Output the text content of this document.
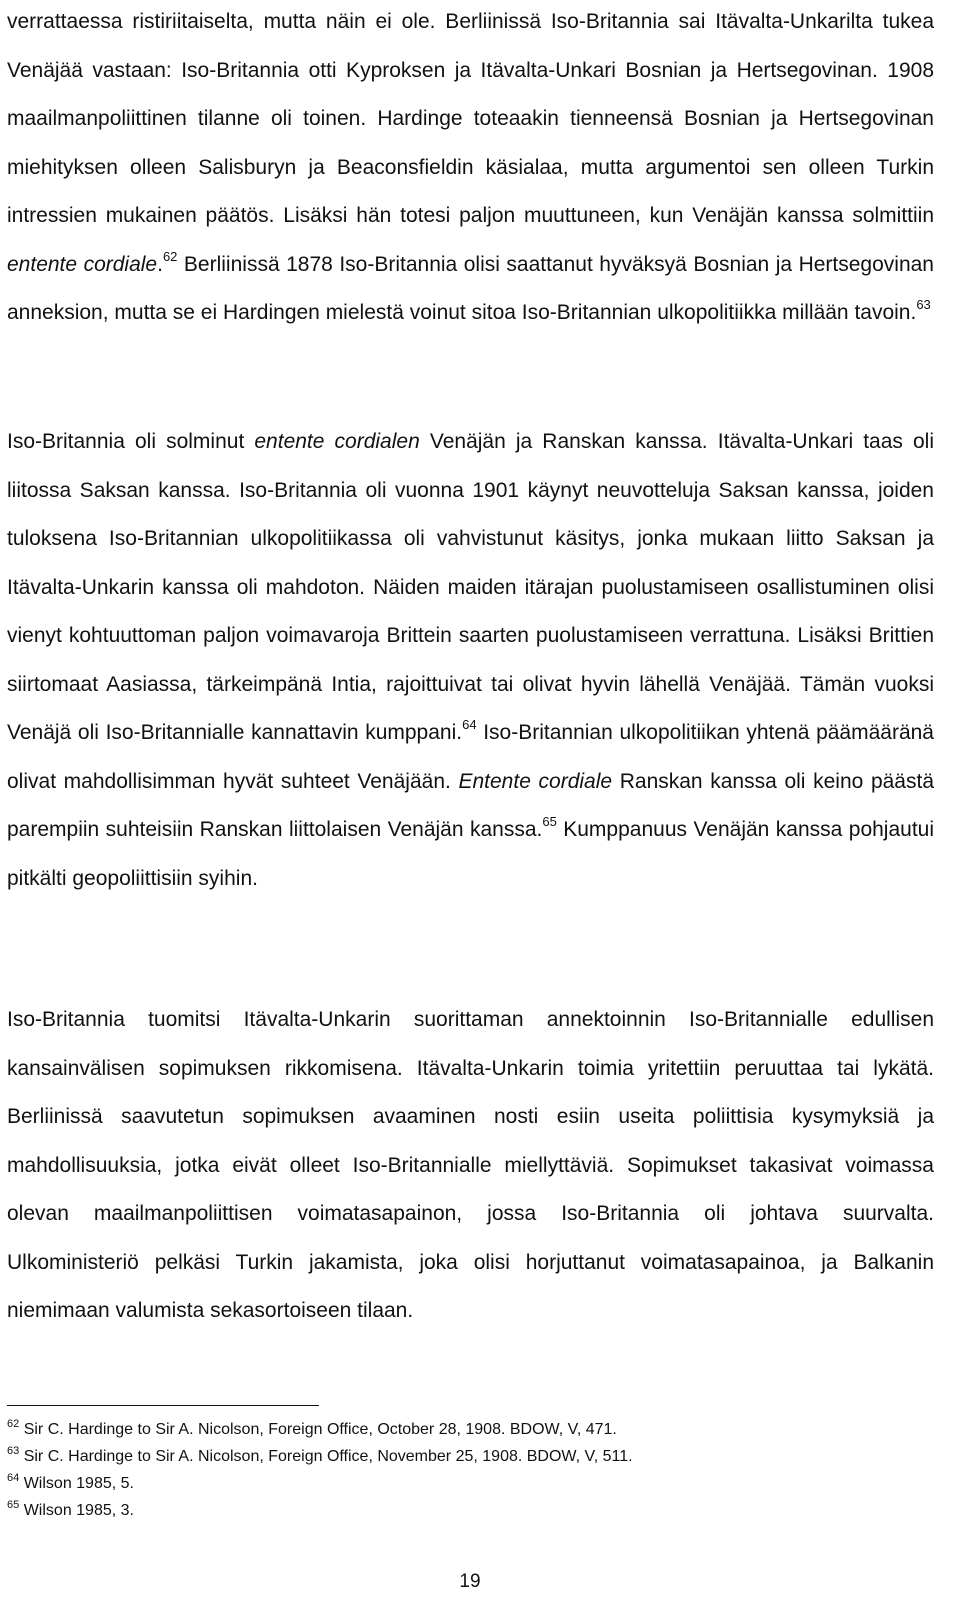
verrattaessa ristiriitaiselta, mutta näin ei ole. Berliinissä Iso-Britannia sai Itävalta-Unkarilta tukea Venäjää vastaan: Iso-Britannia otti Kyproksen ja Itävalta-Unkari Bosnian ja Hertsegovinan. 1908 maailmanpoliittinen tilanne oli toinen. Hardinge toteaakin tienneensä Bosnian ja Hertsegovinan miehityksen olleen Salisburyn ja Beaconsfieldin käsialaa, mutta argumentoi sen olleen Turkin intressien mukainen päätös. Lisäksi hän totesi paljon muuttuneen, kun Venäjän kanssa solmittiin entente cordiale.$^{62}$ Berliinissä 1878 Iso-Britannia olisi saattanut hyväksyä Bosnian ja Hertsegovinan anneksion, mutta se ei Hardingen mielestä voinut sitoa Iso-Britannian ulkopolitiikka millään tavoin.$^{63}$

Iso-Britannia oli solminut entente cordialen Venäjän ja Ranskan kanssa. Itävalta-Unkari taas oli liitossa Saksan kanssa. Iso-Britannia oli vuonna 1901 käynyt neuvotteluja Saksan kanssa, joiden tuloksena Iso-Britannian ulkopolitiikassa oli vahvistunut käsitys, jonka mukaan liitto Saksan ja Itävalta-Unkarin kanssa oli mahdoton. Näiden maiden itärajan puolustamiseen osallistuminen olisi vienyt kohtuuttoman paljon voimavaroja Brittein saarten puolustamiseen verrattuna. Lisäksi Brittien siirtomaat Aasiassa, tärkeimpänä Intia, rajoittuivat tai olivat hyvin lähellä Venäjää. Tämän vuoksi Venäjä oli Iso-Britannialle kannattavin kumppani.$^{64}$ Iso-Britannian ulkopolitiikan yhtenä päämääränä olivat mahdollisimman hyvät suhteet Venäjään. Entente cordiale Ranskan kanssa oli keino päästä parempiin suhteisiin Ranskan liittolaisen Venäjän kanssa.$^{65}$ Kumppanuus Venäjän kanssa pohjautui pitkälti geopoliittisiin syihin.

Iso-Britannia tuomitsi Itävalta-Unkarin suorittaman annektoinnin Iso-Britannialle edullisen kansainvälisen sopimuksen rikkomisena. Itävalta-Unkarin toimia yritettiin peruuttaa tai lykätä. Berliinissä saavutetun sopimuksen avaaminen nosti esiin useita poliittisia kysymyksiä ja mahdollisuuksia, jotka eivät olleet Iso-Britannialle miellyttäviä. Sopimukset takasivat voimassa olevan maailmanpoliittisen voimatasapainon, jossa Iso-Britannia oli johtava suurvalta. Ulkoministeriö pelkäsi Turkin jakamista, joka olisi horjuttanut voimatasapainoa, ja Balkanin niemimaan valumista sekasortoiseen tilaan.

$^{62}$ Sir C. Hardinge to Sir A. Nicolson, Foreign Office, October 28, 1908. BDOW, V, 471.
$^{63}$ Sir C. Hardinge to Sir A. Nicolson, Foreign Office, November 25, 1908. BDOW, V, 511.
$^{64}$ Wilson 1985, 5.
$^{65}$ Wilson 1985, 3.
19
